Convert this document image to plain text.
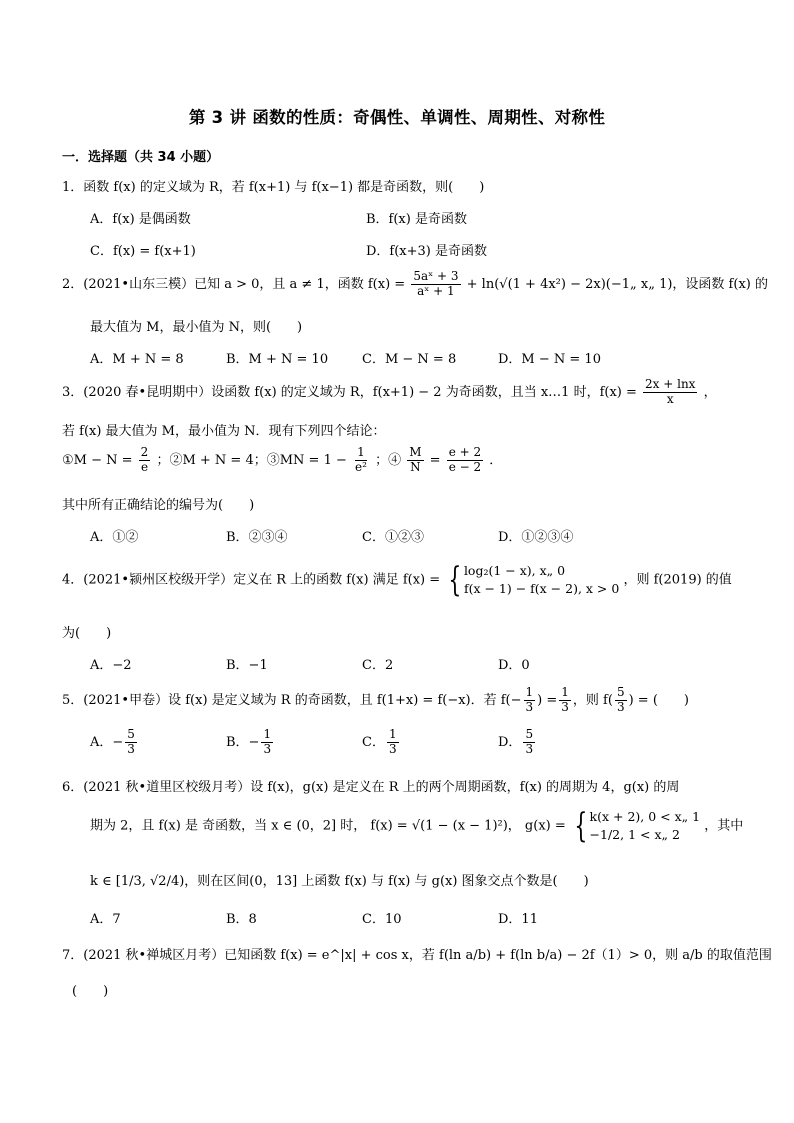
第 3 讲 函数的性质：奇偶性、单调性、周期性、对称性
一．选择题（共 34 小题）
1．函数 f(x) 的定义域为 R，若 f(x+1) 与 f(x−1) 都是奇函数，则(　　)
A．f(x) 是偶函数	B．f(x) 是奇函数
C．f(x) = f(x+1)	D．f(x+3) 是奇函数
2．(2021•山东三模）已知 a > 0，且 a ≠ 1，函数 $f(x) = \frac{\text{5aˣ + 3}}{\text{aˣ + 1}} + \ln(√(1 + 4x^2)$ − 2x)(−1„ x„ 1)，设函数 f(x) 的
最大值为 M，最小值为 N，则(　　)
A．M + N = 8	B．M + N = 10	C．M − N = 8	D．M − N = 10
3．(2020 春•昆明期中）设函数 f(x) 的定义域为 R，f(x+1) − 2 为奇函数，且当 x…1 时，$f(x) = \frac{2x + \ln x}{x}$ ，
若 f(x) 最大值为 M，最小值为 N．现有下列四个结论：
①M − $N = \frac{2}{e}$ ；②M + N = 4；③MN = $1 - \frac{1}{\text{e²}}$ ；④ $\frac{M}{N} = \frac{e + 2}{e - 2}$ ．
其中所有正确结论的编号为(　　)
A．①②	B．②③④	C．①②③	D．①②③④
4．(2021•颍州区校级开学）定义在 R 上的函数 f(x) 满足 f(x) = { log₂(1 − x), x„ 0
f(x − 1) − f(x − 2), x > 0
，则 f(2019) 的值
为(　　)
A．−2	B．−1	C．2	D．0
5．(2021•甲卷）设 f(x) 是定义域为 R 的奇函数，且 f(1+x) = f(−x)．若 $f(- \frac{1}{3}$ ) = $\frac{1}{3}$ ，则 $f( \frac{5}{3}$ ) = (　　)
A．− $\frac{5}{3}$	B．− $\frac{1}{3}$	C． $\frac{1}{3}$	D． $\frac{5}{3}$
6．(2021 秋•道里区校级月考）设 f(x)，g(x) 是定义在 R 上的两个周期函数，f(x) 的周期为 4，g(x) 的周
期为 2，且 f(x) 是 奇函数，当 x ∈ (0，2] 时， f(x) = √(1 − (x − 1)²)， g(x) = { k(x + 2), 0 < x„ 1
−1/2, 1 < x„ 2
，其中
k ∈ [1/3, √2/4)，则在区间(0，13] 上函数 f(x) 与 f(x) 与 g(x) 图象交点个数是(　　)
A．7	B．8	C．10	D．11
7．(2021 秋•禅城区月考）已知函数 f(x) = e^|x| + cos x，若 f(ln a/b) + f(ln b/a) − 2f（1）> 0，则 a/b 的取值范围
(　　)
